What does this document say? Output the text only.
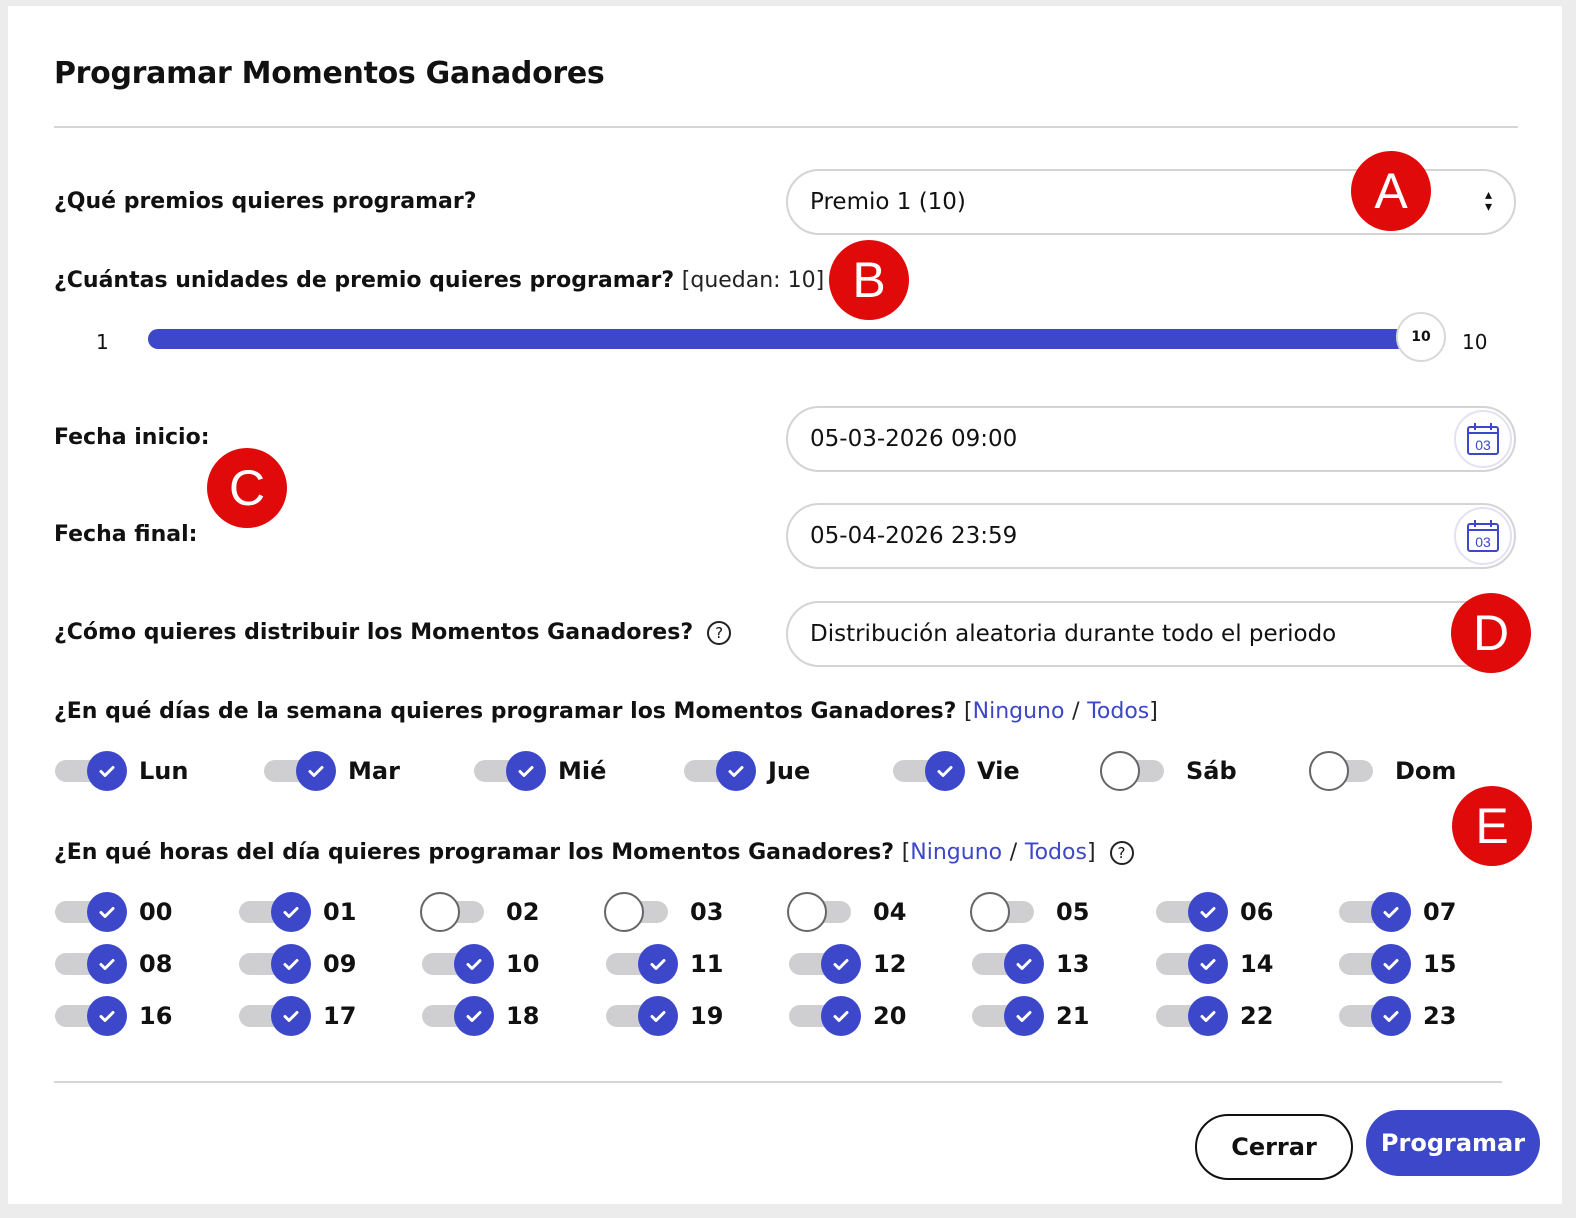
Programar Momentos Ganadores
¿Qué premios quieres programar?	Premio 1 (10)	▴
▾
¿Cuántas unidades de premio quieres programar? [quedan: 10]
1	10	10
Fecha inicio:	05-03-2026 09:00	03
Fecha final:	05-04-2026 23:59	03
¿Cómo quieres distribuir los Momentos Ganadores? ?	Distribución aleatoria durante todo el periodo
¿En qué días de la semana quieres programar los Momentos Ganadores? [Ninguno / Todos]
Lun	Mar	Mié	Jue	Vie	Sáb	Dom
¿En qué horas del día quieres programar los Momentos Ganadores? [Ninguno / Todos] ?
00	01	02	03	04	05	06	07
08	09	10	11	12	13	14	15
16	17	18	19	20	21	22	23
Cerrar	Programar
A
B
C
D
E
